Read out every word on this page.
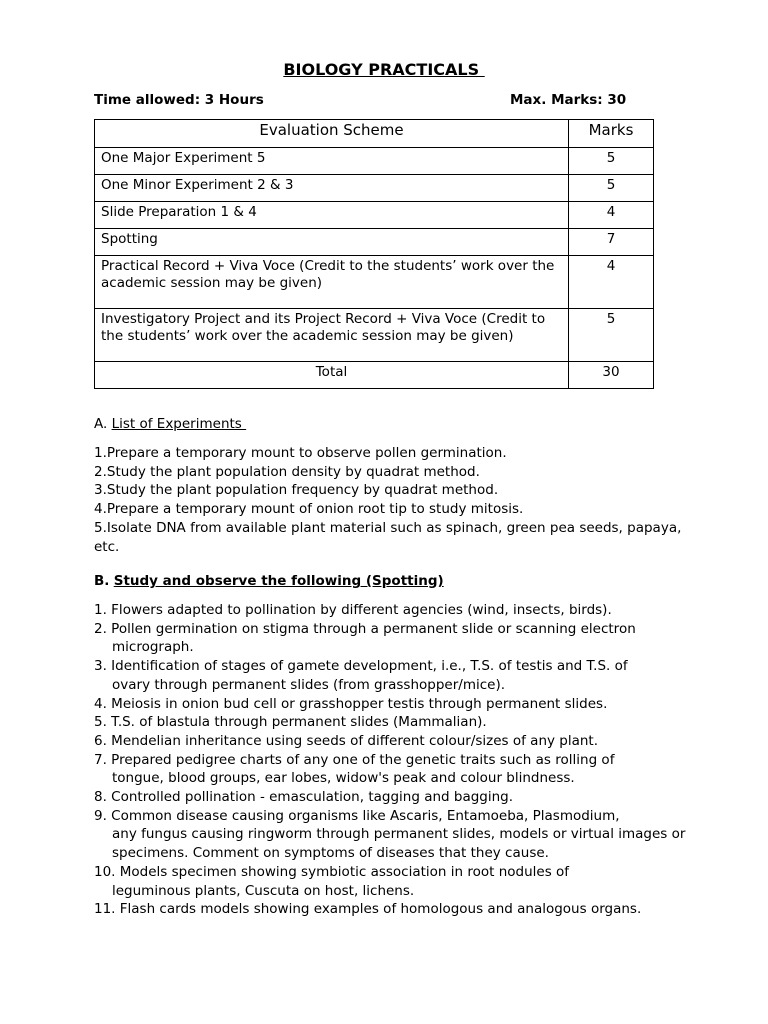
BIOLOGY PRACTICALS
Time allowed: 3 Hours	Max. Marks: 30
Evaluation Scheme	Marks
One Major Experiment 5	5
One Minor Experiment 2 & 3	5
Slide Preparation 1 & 4	4
Spotting	7
Practical Record + Viva Voce (Credit to the students’ work over the academic session may be given)	4
Investigatory Project and its Project Record + Viva Voce (Credit to the students’ work over the academic session may be given)	5
Total	30
A. List of Experiments
1.Prepare a temporary mount to observe pollen germination.
2.Study the plant population density by quadrat method.
3.Study the plant population frequency by quadrat method.
4.Prepare a temporary mount of onion root tip to study mitosis.
5.Isolate DNA from available plant material such as spinach, green pea seeds, papaya, etc.
B. Study and observe the following (Spotting)
1. Flowers adapted to pollination by different agencies (wind, insects, birds).
2. Pollen germination on stigma through a permanent slide or scanning electron
micrograph.
3. Identification of stages of gamete development, i.e., T.S. of testis and T.S. of
ovary through permanent slides (from grasshopper/mice).
4. Meiosis in onion bud cell or grasshopper testis through permanent slides.
5. T.S. of blastula through permanent slides (Mammalian).
6. Mendelian inheritance using seeds of different colour/sizes of any plant.
7. Prepared pedigree charts of any one of the genetic traits such as rolling of
tongue, blood groups, ear lobes, widow's peak and colour blindness.
8. Controlled pollination - emasculation, tagging and bagging.
9. Common disease causing organisms like Ascaris, Entamoeba, Plasmodium,
any fungus causing ringworm through permanent slides, models or virtual images or specimens. Comment on symptoms of diseases that they cause.
10. Models specimen showing symbiotic association in root nodules of
leguminous plants, Cuscuta on host, lichens.
11. Flash cards models showing examples of homologous and analogous organs.
